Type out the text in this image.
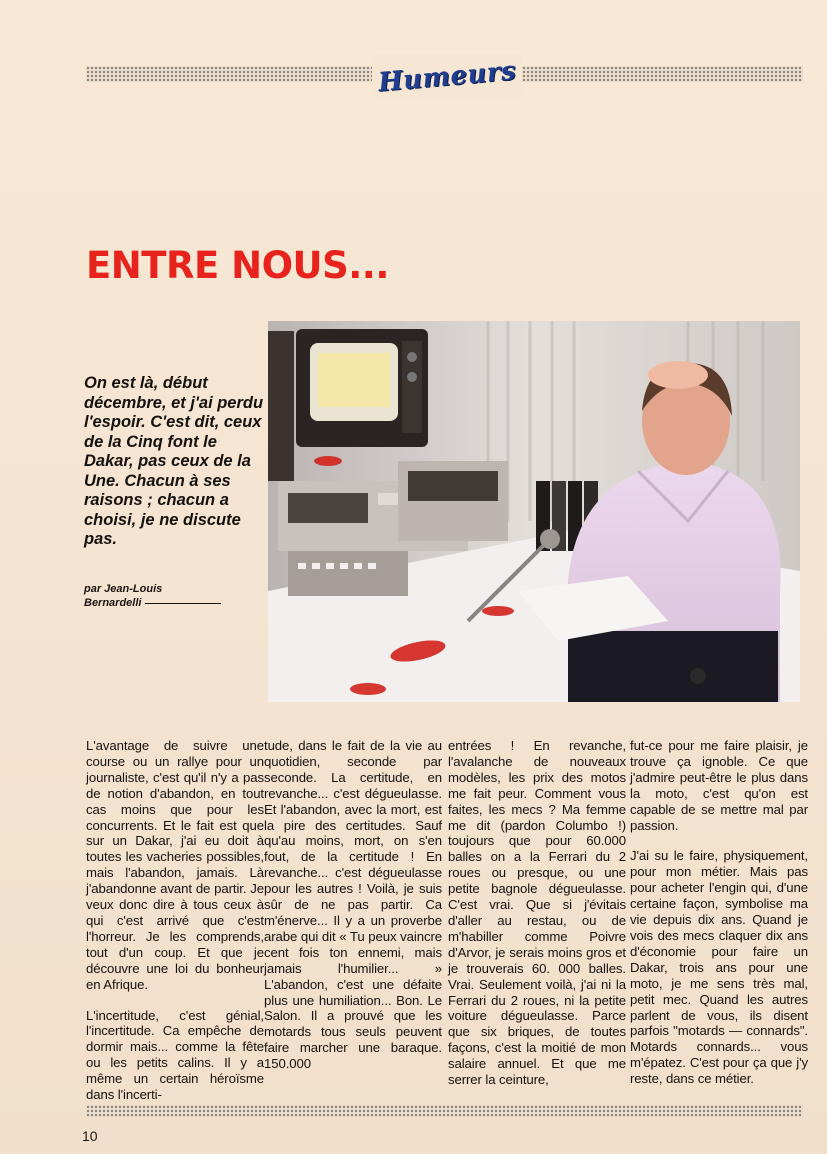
Humeurs
ENTRE NOUS...
On est là, début décembre, et j'ai perdu l'espoir. C'est dit, ceux de la Cinq font le Dakar, pas ceux de la Une. Chacun à ses raisons ; chacun a choisi, je ne discute pas.
par Jean-Louis
Bernardelli

L'avantage de suivre une course ou un rallye pour un journaliste, c'est qu'il n'y a pas de notion d'abandon, en tout cas moins que pour les concurrents. Et le fait est que sur un Dakar, j'ai eu doit à toutes les vacheries possibles, mais l'abandon, jamais. Là j'abandonne avant de partir. Je veux donc dire à tous ceux à qui c'est arrivé que c'est l'horreur. Je les comprends, tout d'un coup. Et que je découvre une loi du bonheur en Afrique.

L'incertitude, c'est génial, l'incertitude. Ca empêche de dormir mais... comme la fête ou les petits calins. Il y a même un certain héroïsme dans l'incerti-

tude, dans le fait de la vie au quotidien, seconde par seconde. La certitude, en revanche... c'est dégueulasse. Et l'abandon, avec la mort, est la pire des certitudes. Sauf qu'au moins, mort, on s'en fout, de la certitude ! En revanche... c'est dégueulasse pour les autres ! Voilà, je suis sûr de ne pas partir. Ca m'énerve... Il y a un proverbe arabe qui dit « Tu peux vaincre cent fois ton ennemi, mais jamais l'humilier... » L'abandon, c'est une défaite plus une humiliation... Bon. Le Salon. Il a prouvé que les motards tous seuls peuvent faire marcher une baraque. 150.000

entrées ! En revanche, l'avalanche de nouveaux modèles, les prix des motos me fait peur. Comment vous faites, les mecs ? Ma femme me dit (pardon Columbo !) toujours que pour 60.000 balles on a la Ferrari du 2 roues ou presque, ou une petite bagnole dégueulasse. C'est vrai. Que si j'évitais d'aller au restau, ou de m'habiller comme Poivre d'Arvor, je serais moins gros et je trouverais 60. 000 balles. Vrai. Seulement voilà, j'ai ni la Ferrari du 2 roues, ni la petite voiture dégueulasse. Parce que six briques, de toutes façons, c'est la moitié de mon salaire annuel. Et que me serrer la ceinture,

fut-ce pour me faire plaisir, je trouve ça ignoble. Ce que j'admire peut-être le plus dans la moto, c'est qu'on est capable de se mettre mal par passion.

J'ai su le faire, physiquement, pour mon métier. Mais pas pour acheter l'engin qui, d'une certaine façon, symbolise ma vie depuis dix ans. Quand je vois des mecs claquer dix ans d'économie pour faire un Dakar, trois ans pour une moto, je me sens très mal, petit mec. Quand les autres parlent de vous, ils disent parfois "motards — connards". Motards connards... vous m'épatez. C'est pour ça que j'y reste, dans ce métier.

10
